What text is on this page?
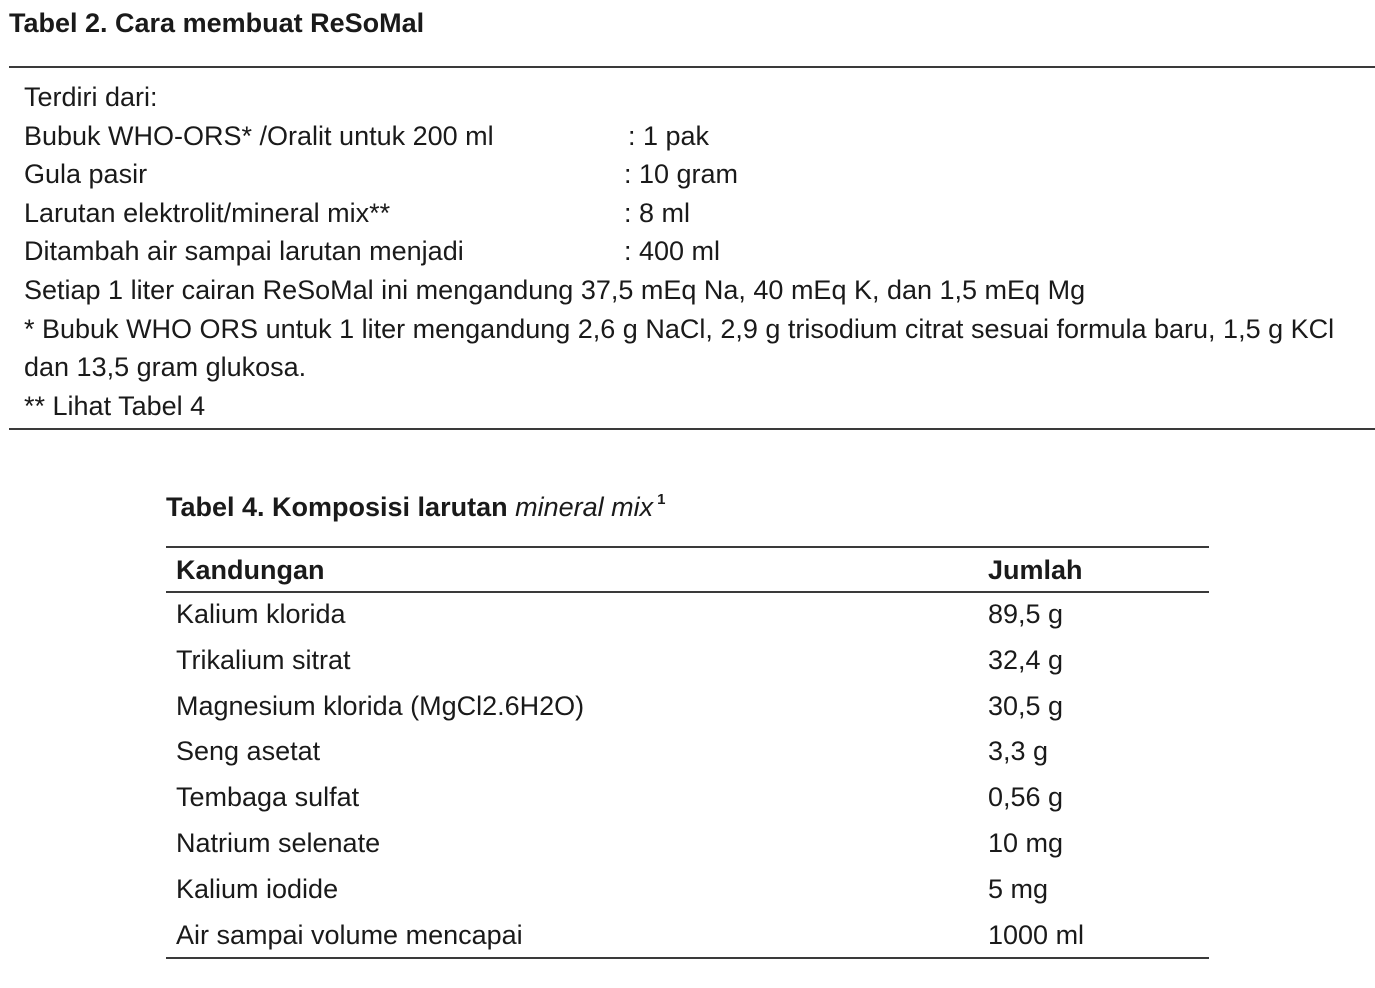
Tabel 2. Cara membuat ReSoMal
Terdiri dari:
Bubuk WHO-ORS* /Oralit untuk 200 ml	: 1 pak
Gula pasir	: 10 gram
Larutan elektrolit/mineral mix**	: 8 ml
Ditambah air sampai larutan menjadi	: 400 ml
Setiap 1 liter cairan ReSoMal ini mengandung 37,5 mEq Na, 40 mEq K, dan 1,5 mEq Mg
* Bubuk WHO ORS untuk 1 liter mengandung 2,6 g NaCl, 2,9 g trisodium citrat sesuai formula baru, 1,5 g KCl dan 13,5 gram glukosa.
** Lihat Tabel 4
Tabel 4. Komposisi larutan mineral mix $^1$
Kandungan	Jumlah
Kalium klorida	89,5 g
Trikalium sitrat	32,4 g
Magnesium klorida (MgCl2.6H2O)	30,5 g
Seng asetat	3,3 g
Tembaga sulfat	0,56 g
Natrium selenate	10 mg
Kalium iodide	5 mg
Air sampai volume mencapai	1000 ml
